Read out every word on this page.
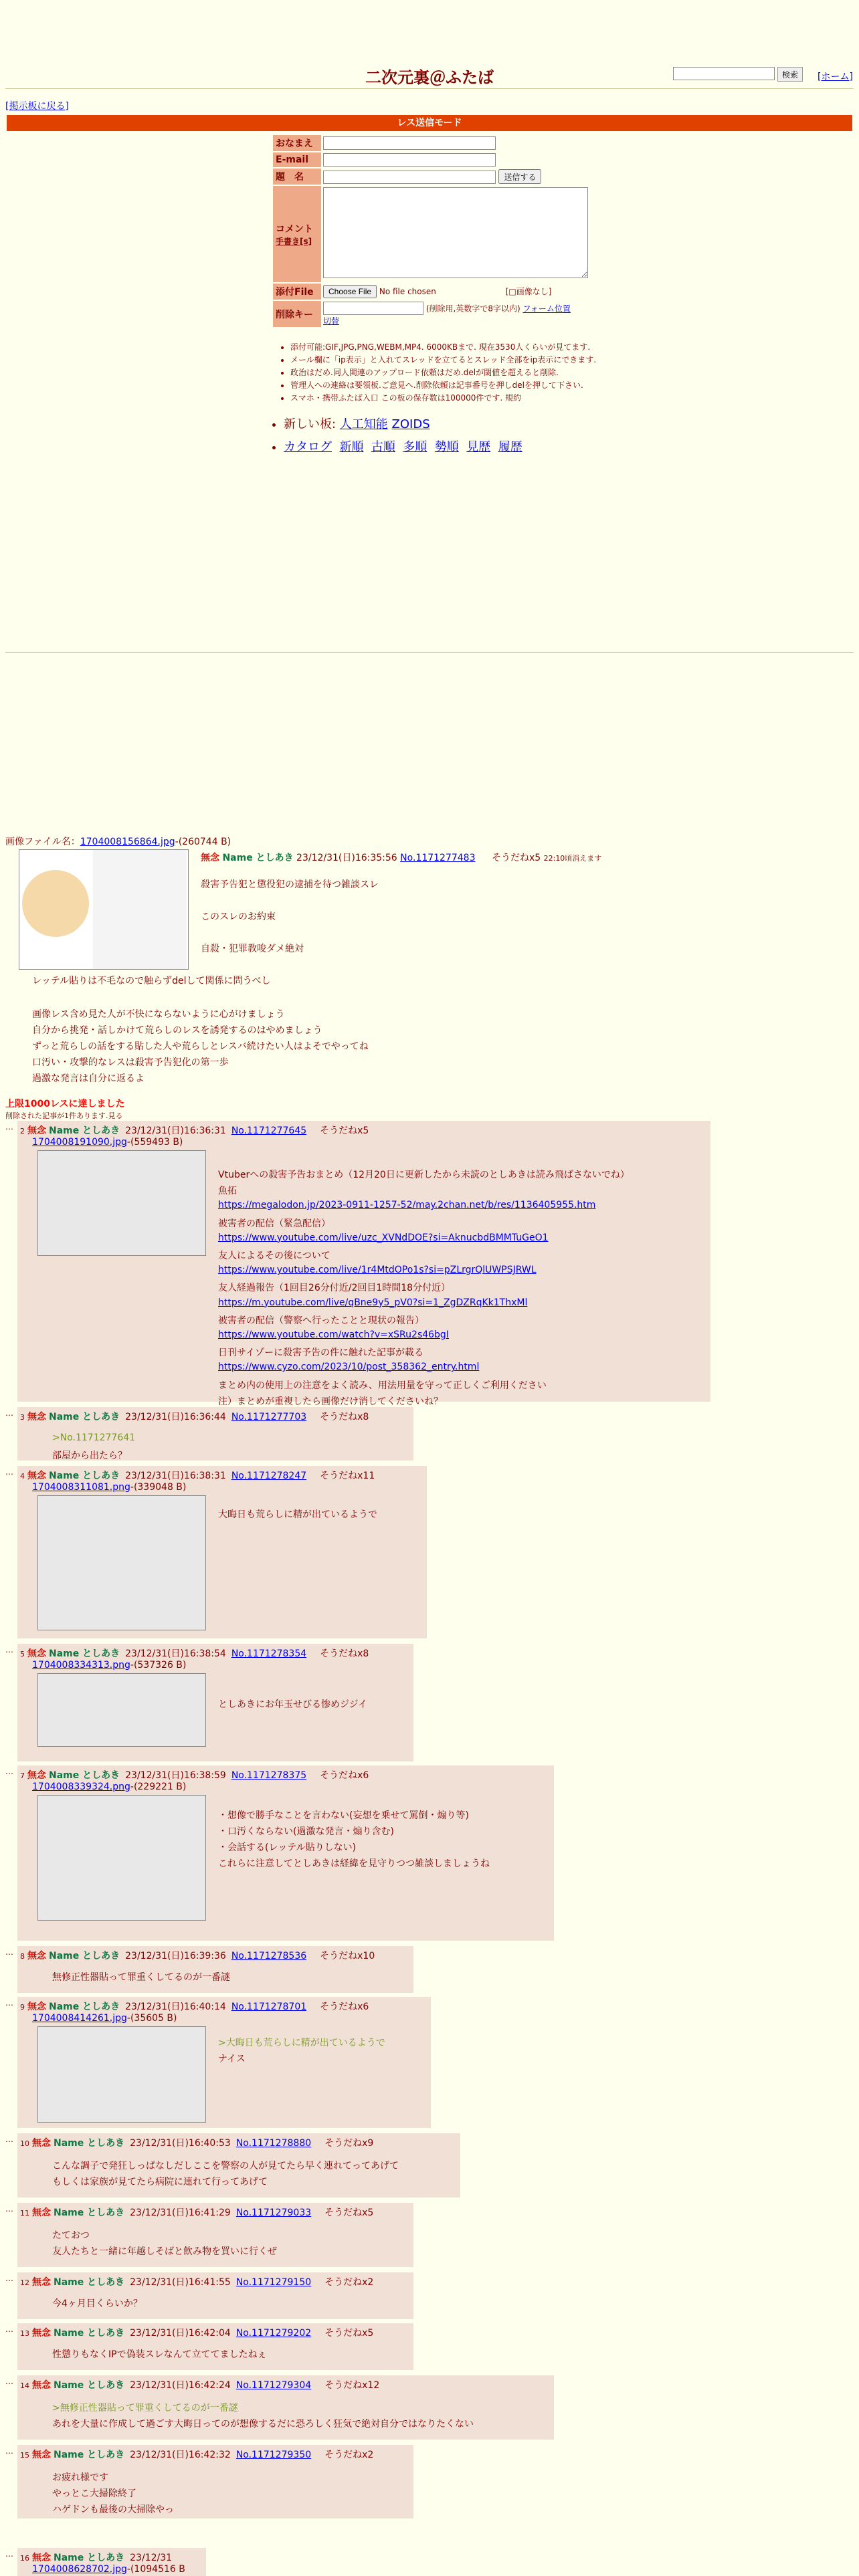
二次元裏＠ふたば	検索	[ホーム]
[掲示板に戻る]
レス送信モード
おなまえ	
E-mail	
題　名	送信する
コメント
手書き[s]	
添付File	Choose File No file chosen [□画像なし]
削除キー	(削除用,英数字で8字以内) フォーム位置
切替
• 添付可能:GIF,JPG,PNG,WEBM,MP4. 6000KBまで. 現在3530人くらいが見てます.
• メール欄に「ip表示」と入れてスレッドを立てるとスレッド全部をip表示にできます.
• 政治はだめ.同人関連のアップロード依頼はだめ.delが閾値を超えると削除.
• 管理人への連絡は要領板.ご意見へ.削除依頼は記事番号を押しdelを押して下さい.
• スマホ・携帯ふたば入口 この板の保存数は100000件です. 規約
• 新しい板: 人工知能 ZOIDS
• カタログ 新順 古順 多順 勢順 見歴 履歴
画像ファイル名：1704008156864.jpg-(260744 B)
無念 Name としあき 23/12/31(日)16:35:56 No.1171277483 そうだねx5 22:10頃消えます
殺害予告犯と懲役犯の逮捕を待つ雑談スレ
このスレのお約束
自殺・犯罪教唆ダメ絶対
レッテル貼りは不毛なので触らずdelして関係に問うべし
画像レス含め見た人が不快にならないように心がけましょう
自分から挑発・話しかけて荒らしのレスを誘発するのはやめましょう
ずっと荒らしの話をする貼した人や荒らしとレスバ続けたい人はよそでやってね
口汚い・攻撃的なレスは殺害予告犯化の第一歩
過激な発言は自分に返るよ
上限1000レスに達しました
削除された記事が1件あります.見る
… 2 無念 Name としあき 23/12/31(日)16:36:31 No.1171277645 そうだねx5
1704008191090.jpg-(559493 B)
Vtuberへの殺害予告おまとめ（12月20日に更新したから未読のとしあきは読み飛ばさないでね）
魚拓
https://megalodon.jp/2023-0911-1257-52/may.2chan.net/b/res/1136405955.htm
被害者の配信（緊急配信）
https://www.youtube.com/live/uzc_XVNdDOE?si=AknucbdBMMTuGeO1
友人によるその後について
https://www.youtube.com/live/1r4MtdOPo1s?si=pZLrgrQlUWPSJRWL
友人経過報告（1回目26分付近/2回目1時間18分付近）
https://m.youtube.com/live/qBne9y5_pV0?si=1_ZgDZRqKk1ThxMl
被害者の配信（警察へ行ったことと現状の報告）
https://www.youtube.com/watch?v=xSRu2s46bgI
日刊サイゾーに殺害予告の件に触れた記事が載る
https://www.cyzo.com/2023/10/post_358362_entry.html
まとめ内の使用上の注意をよく読み、用法用量を守って正しくご利用ください
注）まとめが重複したら画像だけ消してくださいね？
… 3 無念 Name としあき 23/12/31(日)16:36:44 No.1171277703 そうだねx8
>No.1171277641
部屋から出たら？
… 4 無念 Name としあき 23/12/31(日)16:38:31 No.1171278247 そうだねx11
1704008311081.png-(339048 B)
大晦日も荒らしに精が出ているようで
… 5 無念 Name としあき 23/12/31(日)16:38:54 No.1171278354 そうだねx8
1704008334313.png-(537326 B)
としあきにお年玉せびる惨めジジイ
… 7 無念 Name としあき 23/12/31(日)16:38:59 No.1171278375 そうだねx6
1704008339324.png-(229221 B)
・想像で勝手なことを言わない(妄想を乗せて罵倒・煽り等)
・口汚くならない(過激な発言・煽り含む)
・会話する(レッテル貼りしない)
これらに注意してとしあきは経緯を見守りつつ雑談しましょうね
… 8 無念 Name としあき 23/12/31(日)16:39:36 No.1171278536 そうだねx10
無修正性器貼って罪重くしてるのが一番謎
… 9 無念 Name としあき 23/12/31(日)16:40:14 No.1171278701 そうだねx6
1704008414261.jpg-(35605 B)
>大晦日も荒らしに精が出ているようで
ナイス
… 10 無念 Name としあき 23/12/31(日)16:40:53 No.1171278880 そうだねx9
こんな調子で発狂しっぱなしだしここを警察の人が見てたら早く連れてってあげて
もしくは家族が見てたら病院に連れて行ってあげて
… 11 無念 Name としあき 23/12/31(日)16:41:29 No.1171279033 そうだねx5
たておつ
友人たちと一緒に年越しそばと飲み物を買いに行くぜ
… 12 無念 Name としあき 23/12/31(日)16:41:55 No.1171279150 そうだねx2
今4ヶ月目くらいか？
… 13 無念 Name としあき 23/12/31(日)16:42:04 No.1171279202 そうだねx5
性懲りもなくIPで偽装スレなんて立ててましたねぇ
… 14 無念 Name としあき 23/12/31(日)16:42:24 No.1171279304 そうだねx12
>無修正性器貼って罪重くしてるのが一番謎
あれを大量に作成して過ごす大晦日ってのが想像するだに恐ろしく狂気で絶対自分ではなりたくない
… 15 無念 Name としあき 23/12/31(日)16:42:32 No.1171279350 そうだねx2
お疲れ様です
やっとこ大掃除終了
ハゲドンも最後の大掃除やっ
… 16 無念 Name としあき 23/12/31
1704008628702.jpg-(1094516 B
